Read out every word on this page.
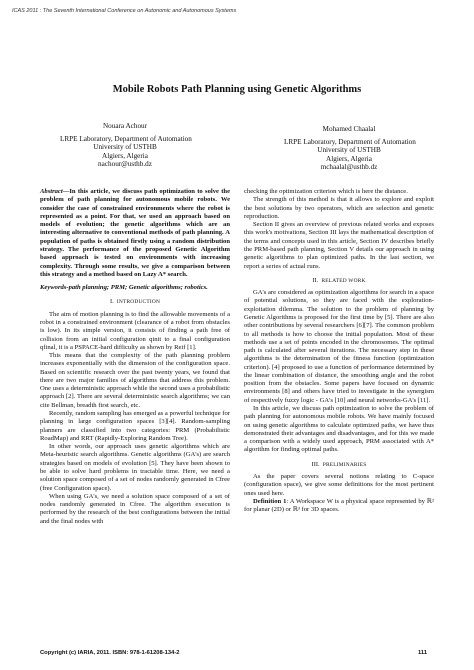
ICAS 2011 : The Seventh International Conference on Autonomic and Autonomous Systems
Mobile Robots Path Planning using Genetic Algorithms
Nouara Achour
LRPE Laboratory, Department of Automation
University of USTHB
Algiers, Algeria
nachour@usthb.dz
Mohamed Chaalal
LRPE Laboratory, Department of Automation
University of USTHB
Algiers, Algeria
mchaalal@usthb.dz

Abstract—In this article, we discuss path optimization to solve the problem of path planning for autonomous mobile robots. We consider the case of constrained environments where the robot is represented as a point. For that, we used an approach based on models of evolution; the genetic algorithms which are an interesting alternative to conventional methods of path planning. A population of paths is obtained firstly using a random distribution strategy. The performance of the proposed Genetic Algorithm based approach is tested on environments with increasing complexity. Through some results, we give a comparison between this strategy and a method based on Lazy A* search.

Keywords-path planning; PRM; Genetic algorithms; robotics.

I. INTRODUCTION

The aim of motion planning is to find the allowable movements of a robot in a constrained environment (clearance of a robot from obstacles is low). In its simple version, it consists of finding a path free of collision from an initial configuration qinit to a final configuration qfinal, it is a PSPACE-hard difficulty as shown by Reif [1].

This means that the complexity of the path planning problem increases exponentially with the dimension of the configuration space. Based on scientific research over the past twenty years, we found that there are two major families of algorithms that address this problem. One uses a deterministic approach while the second uses a probabilistic approach [2]. There are several deterministic search algorithms; we can cite Bellman, breadth first search, etc.

Recently, random sampling has emerged as a powerful technique for planning in large configuration spaces [3][4]. Random-sampling planners are classified into two categories: PRM (Probabilistic RoadMap) and RRT (Rapidly-Exploring Random Tree).

In other words, our approach uses genetic algorithms which are Meta-heuristic search algorithms. Genetic algorithms (GA's) are search strategies based on models of evolution [5]. They have been shown to be able to solve hard problems in tractable time. Here, we need a solution space composed of a set of nodes randomly generated in Cfree (free Configuration space).

When using GA's, we need a solution space composed of a set of nodes randomly generated in Cfree. The algorithm execution is performed by the research of the best configurations between the initial and the final nodes with

checking the optimization criterion which is here the distance.

The strength of this method is that it allows to explore and exploit the best solutions by two operators, which are selection and genetic reproduction.

Section II gives an overview of previous related works and exposes this work's motivations, Section III lays the mathematical description of the terms and concepts used in this article, Section IV describes briefly the PRM-based path planning, Section V details our approach in using genetic algorithms to plan optimized paths. In the last section, we report a series of actual runs.

II. RELATED WORK

GA's are considered as optimization algorithms for search in a space of potential solutions, so they are faced with the exploration-exploitation dilemma. The solution to the problem of planning by Genetic Algorithms is proposed for the first time by [5]. There are also other contributions by several researchers [6][7]. The common problem to all methods is how to choose the initial population. Most of these methods use a set of points encoded in the chromosomes. The optimal path is calculated after several iterations. The necessary step in these algorithms is the determination of the fitness function (optimization criterion). [4] proposed to use a function of performance determined by the linear combination of distance, the smoothing angle and the robot position from the obstacles. Some papers have focused on dynamic environments [8] and others have tried to investigate in the synergism of respectively fuzzy logic - GA's [10] and neural networks-GA's [11].

In this article, we discuss path optimization to solve the problem of path planning for autonomous mobile robots. We have mainly focused on using genetic algorithms to calculate optimized paths, we have thus demonstrated their advantages and disadvantages, and for this we made a comparison with a widely used approach, PRM associated with A* algorithm for finding optimal paths.

III. PRELIMINARIES

As the paper covers several notions relating to C-space (configuration space), we give some definitions for the most pertinent ones used here.

Definition 1: A Workspace W is a physical space represented by ℝ² for planar (2D) or ℝ³ for 3D spaces.

Copyright (c) IARIA, 2011. ISBN: 978-1-61208-134-2	111
